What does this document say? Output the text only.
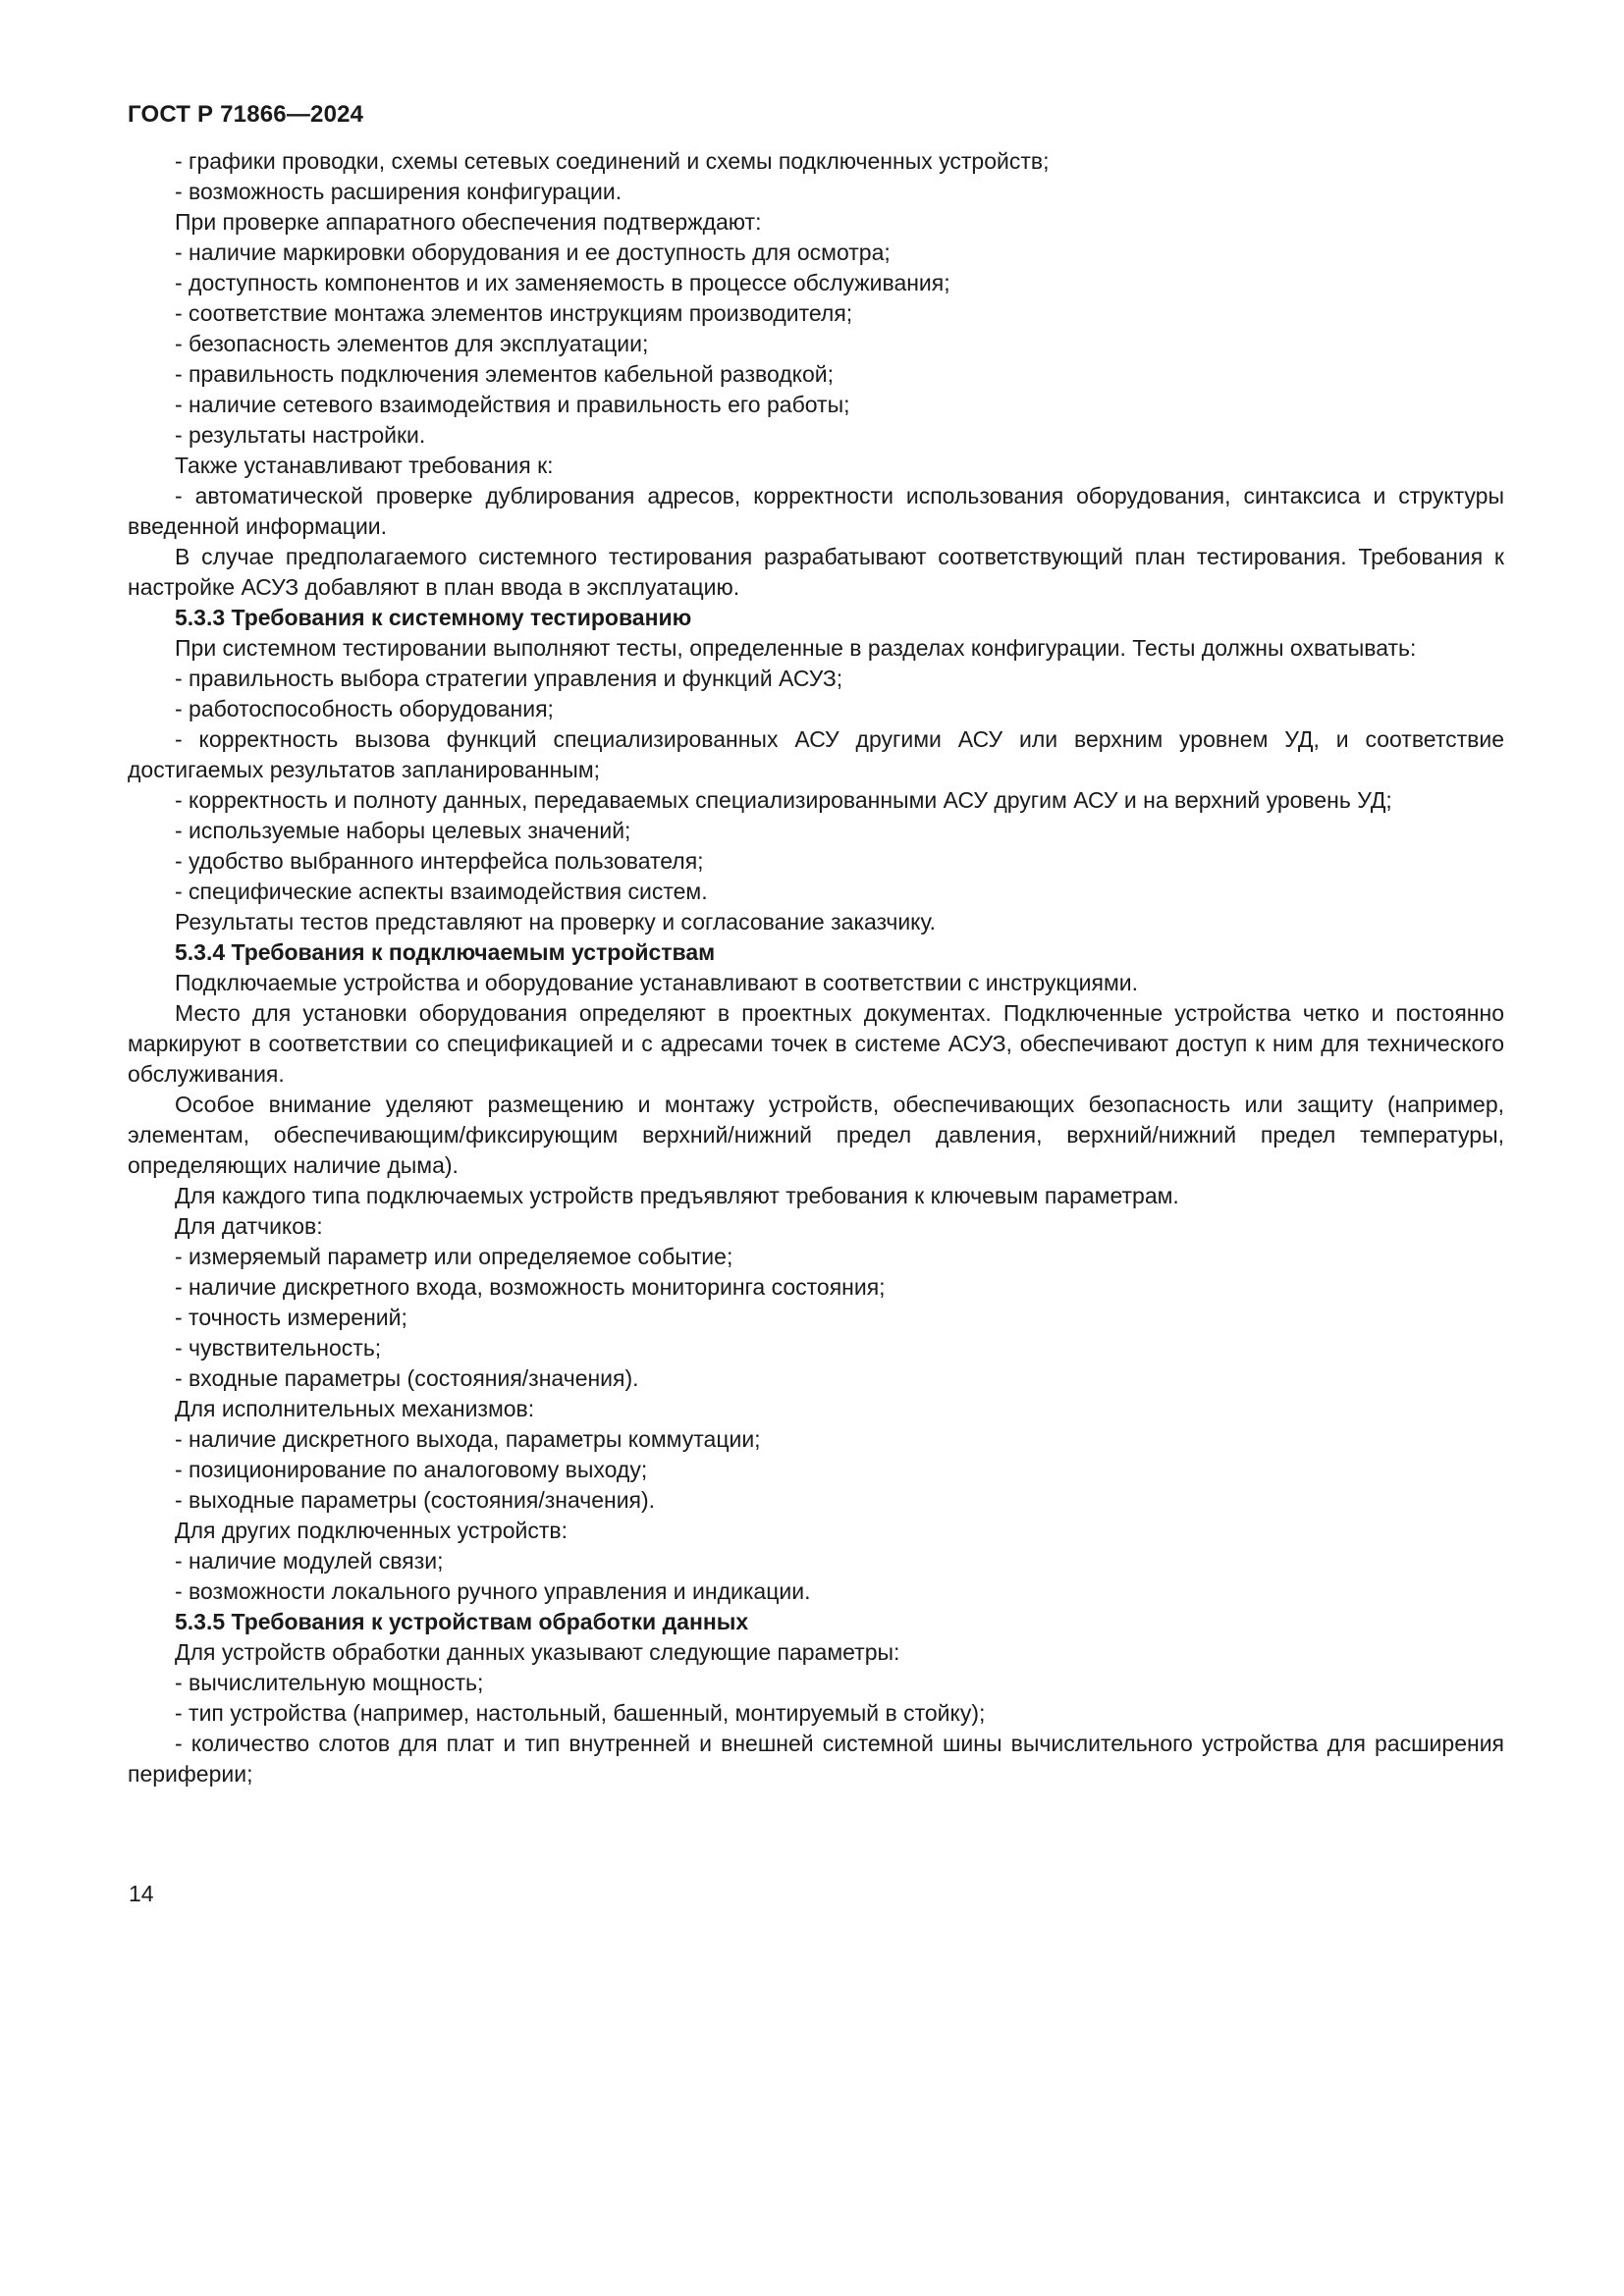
ГОСТ Р 71866—2024

- графики проводки, схемы сетевых соединений и схемы подключенных устройств;

- возможность расширения конфигурации.

При проверке аппаратного обеспечения подтверждают:

- наличие маркировки оборудования и ее доступность для осмотра;

- доступность компонентов и их заменяемость в процессе обслуживания;

- соответствие монтажа элементов инструкциям производителя;

- безопасность элементов для эксплуатации;

- правильность подключения элементов кабельной разводкой;

- наличие сетевого взаимодействия и правильность его работы;

- результаты настройки.

Также устанавливают требования к:

- автоматической проверке дублирования адресов, корректности использования оборудования, синтаксиса и структуры введенной информации.

В случае предполагаемого системного тестирования разрабатывают соответствующий план тестирования. Требования к настройке АСУЗ добавляют в план ввода в эксплуатацию.

5.3.3 Требования к системному тестированию

При системном тестировании выполняют тесты, определенные в разделах конфигурации. Тесты должны охватывать:

- правильность выбора стратегии управления и функций АСУЗ;

- работоспособность оборудования;

- корректность вызова функций специализированных АСУ другими АСУ или верхним уровнем УД, и соответствие достигаемых результатов запланированным;

- корректность и полноту данных, передаваемых специализированными АСУ другим АСУ и на верхний уровень УД;

- используемые наборы целевых значений;

- удобство выбранного интерфейса пользователя;

- специфические аспекты взаимодействия систем.

Результаты тестов представляют на проверку и согласование заказчику.

5.3.4 Требования к подключаемым устройствам

Подключаемые устройства и оборудование устанавливают в соответствии с инструкциями.

Место для установки оборудования определяют в проектных документах. Подключенные устройства четко и постоянно маркируют в соответствии со спецификацией и с адресами точек в системе АСУЗ, обеспечивают доступ к ним для технического обслуживания.

Особое внимание уделяют размещению и монтажу устройств, обеспечивающих безопасность или защиту (например, элементам, обеспечивающим/фиксирующим верхний/нижний предел давления, верхний/нижний предел температуры, определяющих наличие дыма).

Для каждого типа подключаемых устройств предъявляют требования к ключевым параметрам.

Для датчиков:

- измеряемый параметр или определяемое событие;

- наличие дискретного входа, возможность мониторинга состояния;

- точность измерений;

- чувствительность;

- входные параметры (состояния/значения).

Для исполнительных механизмов:

- наличие дискретного выхода, параметры коммутации;

- позиционирование по аналоговому выходу;

- выходные параметры (состояния/значения).

Для других подключенных устройств:

- наличие модулей связи;

- возможности локального ручного управления и индикации.

5.3.5 Требования к устройствам обработки данных

Для устройств обработки данных указывают следующие параметры:

- вычислительную мощность;

- тип устройства (например, настольный, башенный, монтируемый в стойку);

- количество слотов для плат и тип внутренней и внешней системной шины вычислительного устройства для расширения периферии;

14
